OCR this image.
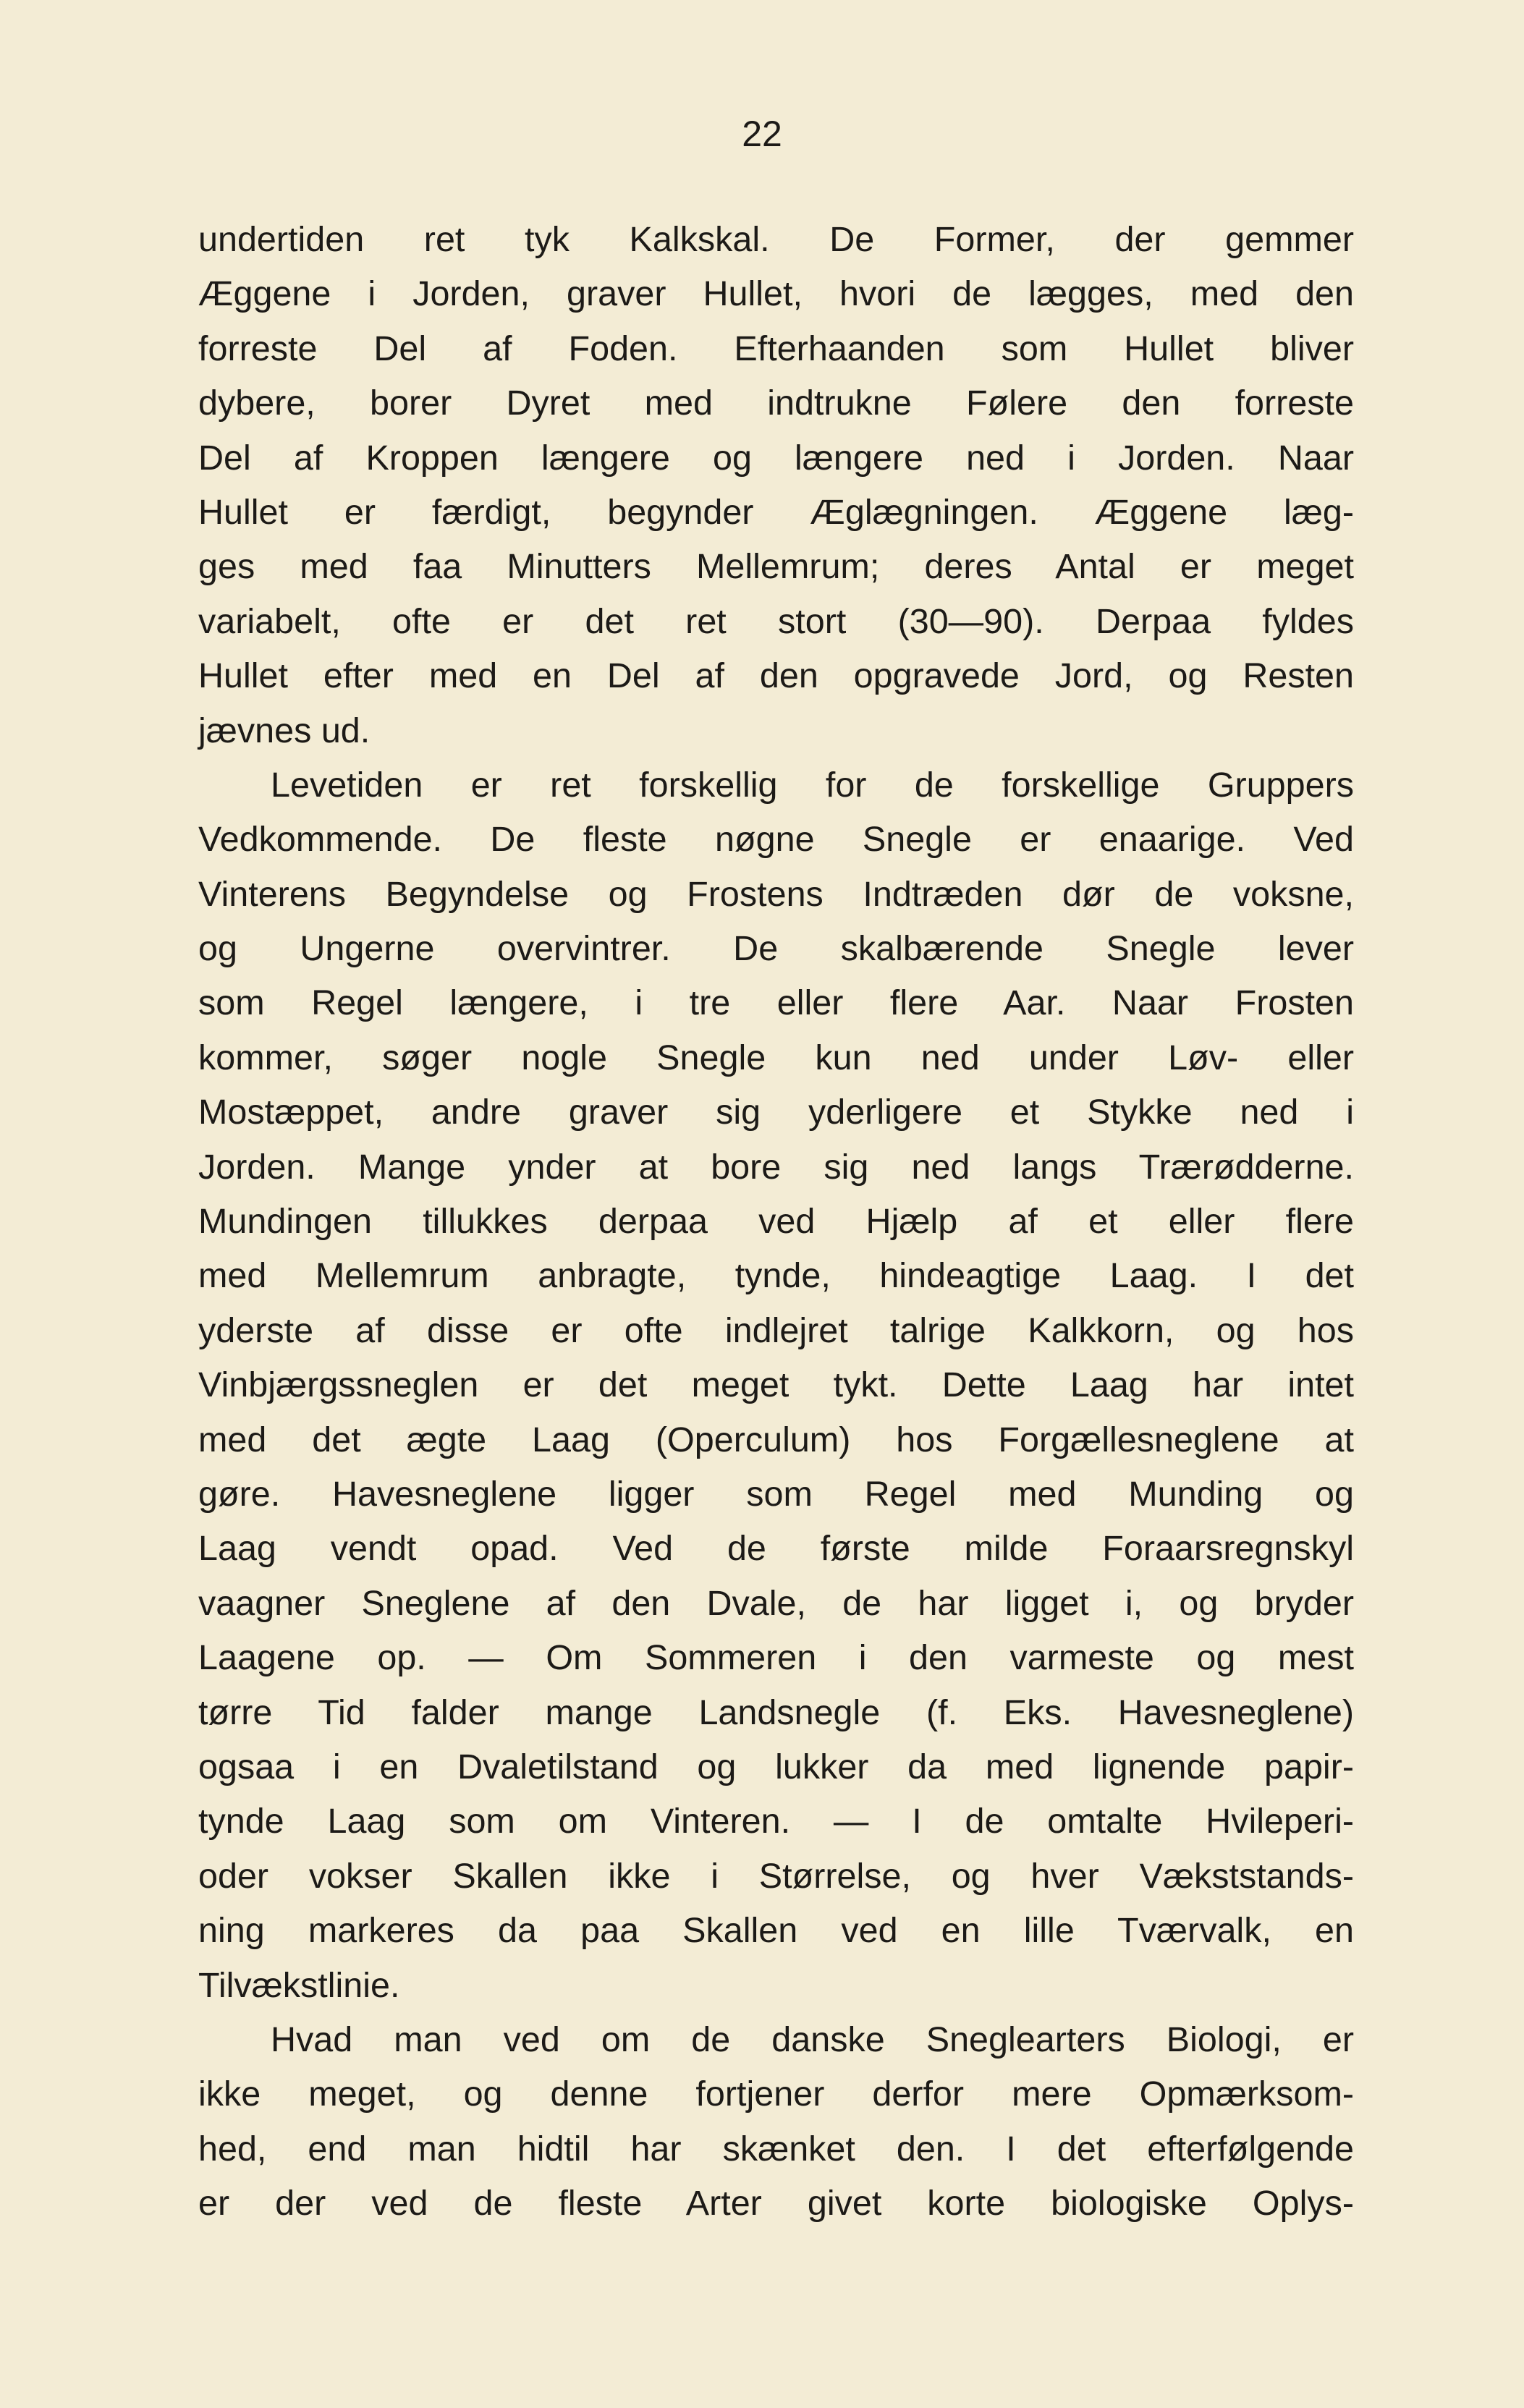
22
undertiden ret tyk Kalkskal. De Former, der gemmer
Æggene i Jorden, graver Hullet, hvori de lægges, med den
forreste Del af Foden. Efterhaanden som Hullet bliver
dybere, borer Dyret med indtrukne Følere den forreste
Del af Kroppen længere og længere ned i Jorden. Naar
Hullet er færdigt, begynder Æglægningen. Æggene læg-
ges med faa Minutters Mellemrum; deres Antal er meget
variabelt, ofte er det ret stort (30—90). Derpaa fyldes
Hullet efter med en Del af den opgravede Jord, og Resten
jævnes ud.
Levetiden er ret forskellig for de forskellige Gruppers
Vedkommende. De fleste nøgne Snegle er enaarige. Ved
Vinterens Begyndelse og Frostens Indtræden dør de voksne,
og Ungerne overvintrer. De skalbærende Snegle lever
som Regel længere, i tre eller flere Aar. Naar Frosten
kommer, søger nogle Snegle kun ned under Løv- eller
Mostæppet, andre graver sig yderligere et Stykke ned i
Jorden. Mange ynder at bore sig ned langs Trærødderne.
Mundingen tillukkes derpaa ved Hjælp af et eller flere
med Mellemrum anbragte, tynde, hindeagtige Laag. I det
yderste af disse er ofte indlejret talrige Kalkkorn, og hos
Vinbjærgssneglen er det meget tykt. Dette Laag har intet
med det ægte Laag (Operculum) hos Forgællesneglene at
gøre. Havesneglene ligger som Regel med Munding og
Laag vendt opad. Ved de første milde Foraarsregnskyl
vaagner Sneglene af den Dvale, de har ligget i, og bryder
Laagene op. — Om Sommeren i den varmeste og mest
tørre Tid falder mange Landsnegle (f. Eks. Havesneglene)
ogsaa i en Dvaletilstand og lukker da med lignende papir-
tynde Laag som om Vinteren. — I de omtalte Hvileperi-
oder vokser Skallen ikke i Størrelse, og hver Vækststands-
ning markeres da paa Skallen ved en lille Tværvalk, en
Tilvækstlinie.
Hvad man ved om de danske Sneglearters Biologi, er
ikke meget, og denne fortjener derfor mere Opmærksom-
hed, end man hidtil har skænket den. I det efterfølgende
er der ved de fleste Arter givet korte biologiske Oplys-
